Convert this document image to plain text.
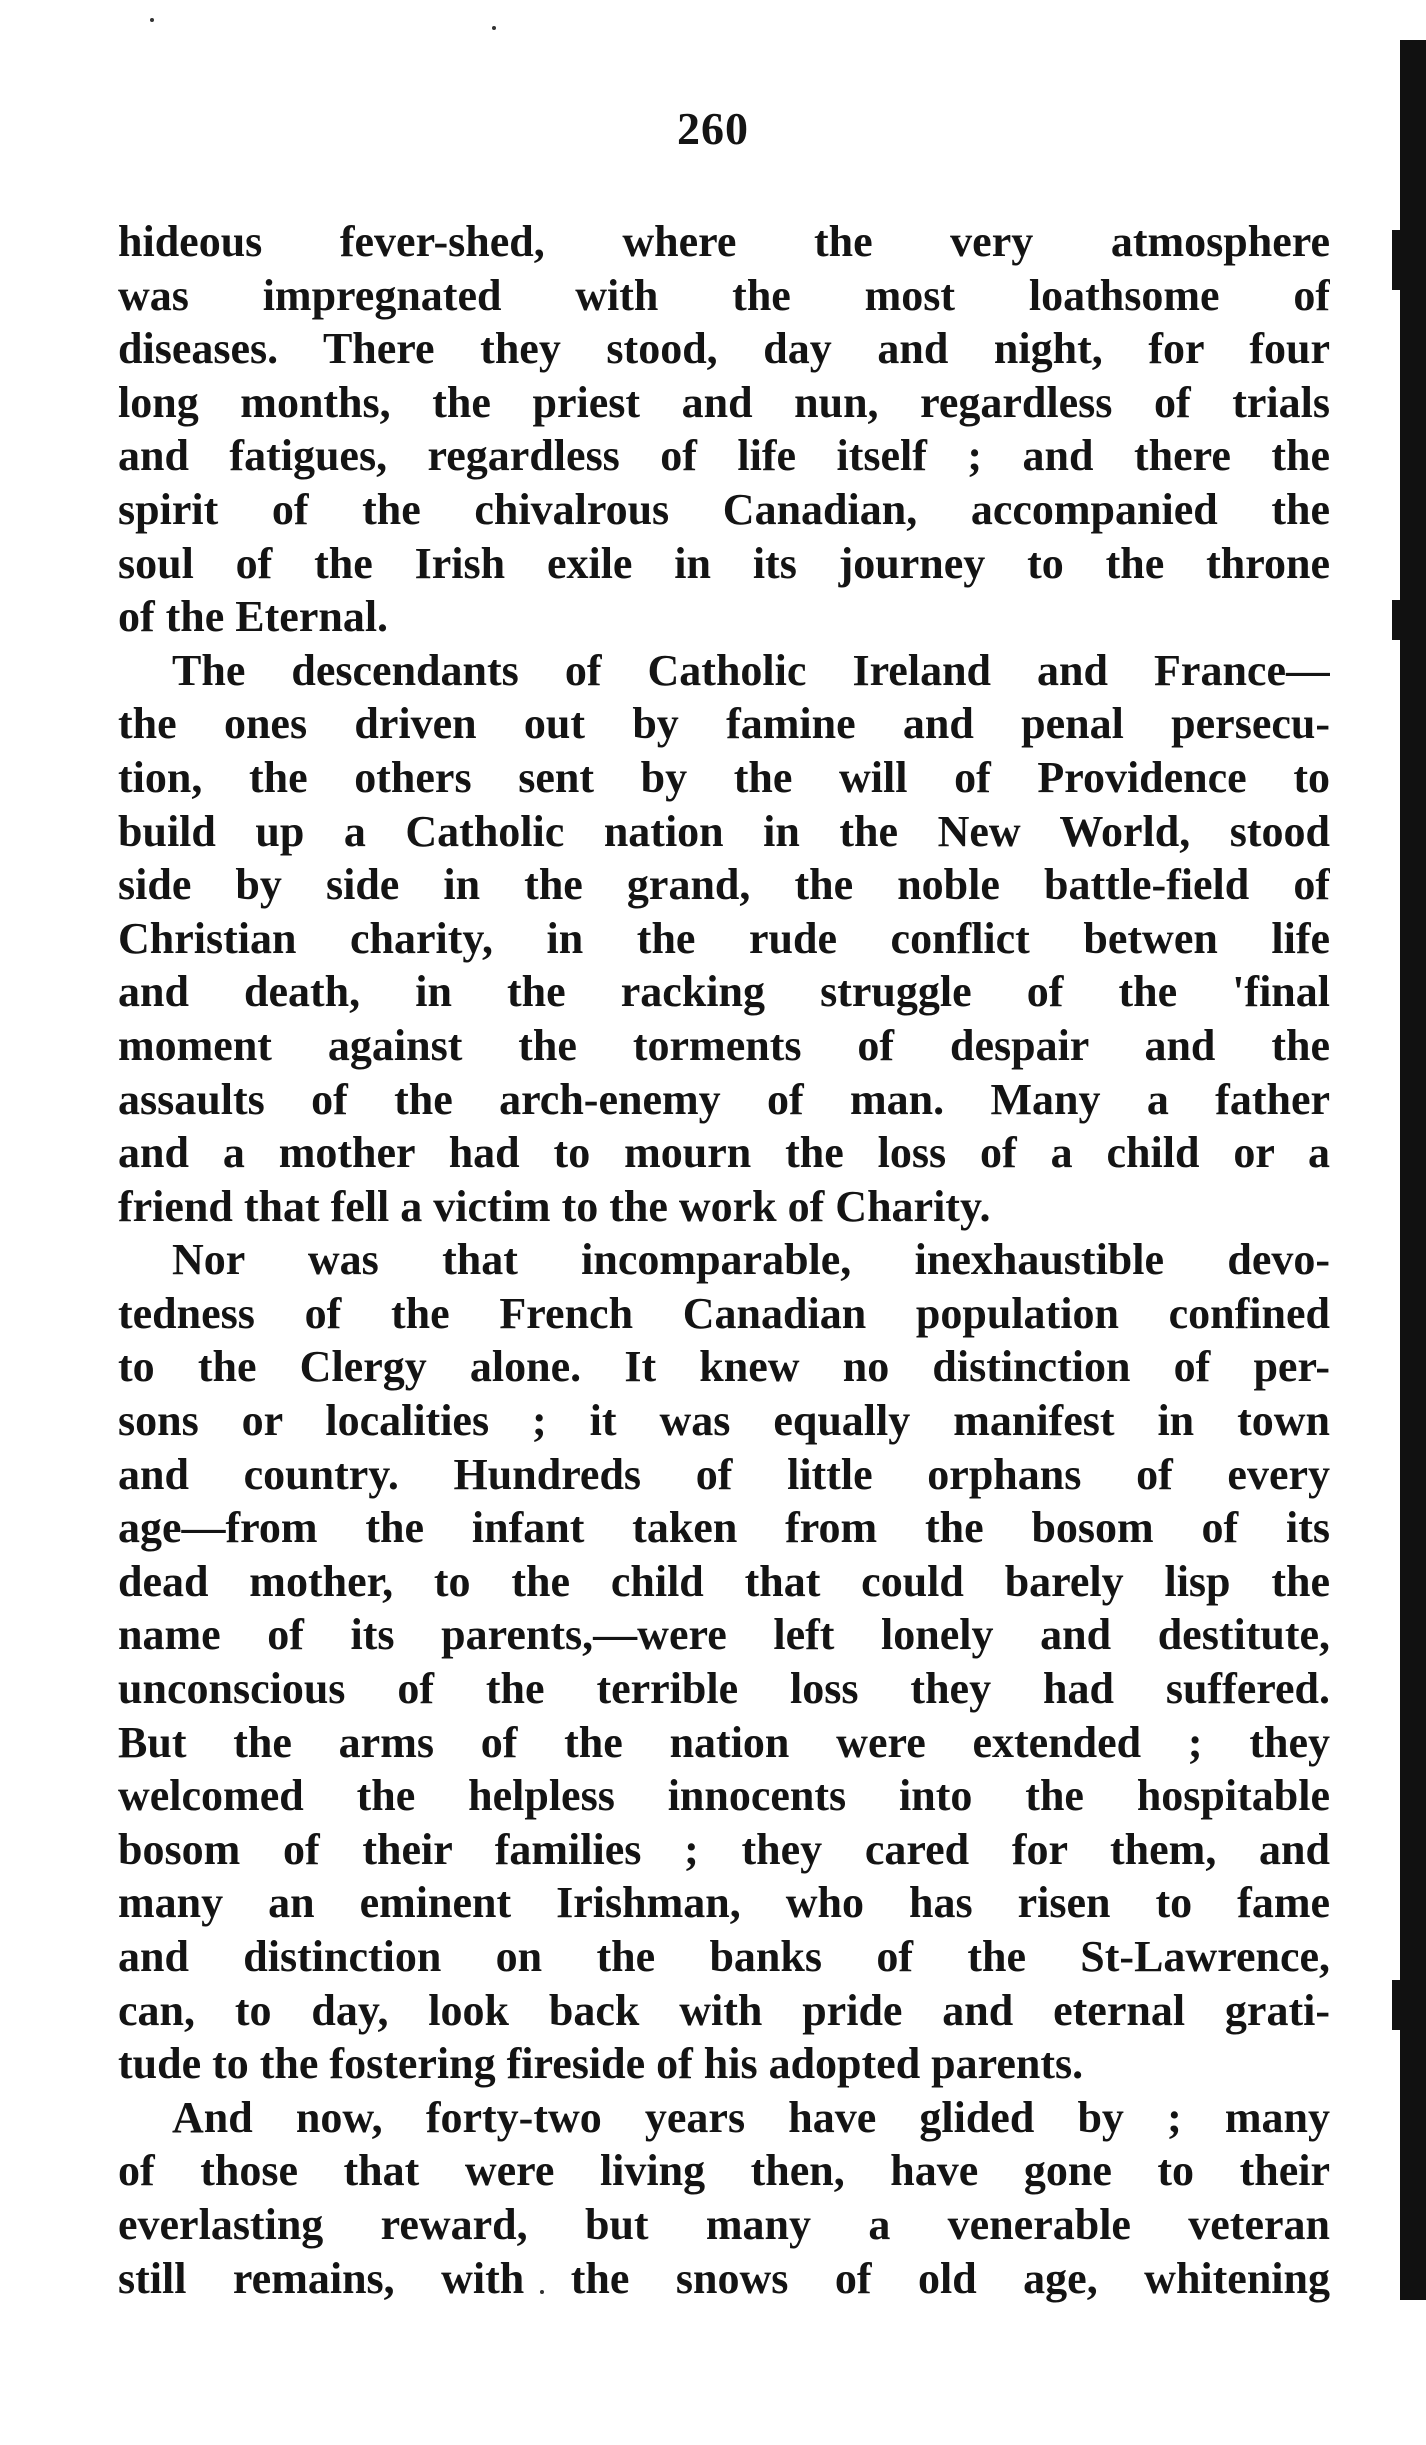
260
hideous fever-shed, where the very atmosphere
was impregnated with the most loathsome of
diseases. There they stood, day and night, for four
long months, the priest and nun, regardless of trials
and fatigues, regardless of life itself ; and there the
spirit of the chivalrous Canadian, accompanied the
soul of the Irish exile in its journey to the throne
of the Eternal.
The descendants of Catholic Ireland and France—
the ones driven out by famine and penal persecu-
tion, the others sent by the will of Providence to
build up a Catholic nation in the New World, stood
side by side in the grand, the noble battle-field of
Christian charity, in the rude conflict betwen life
and death, in the racking struggle of the 'final
moment against the torments of despair and the
assaults of the arch-enemy of man. Many a father
and a mother had to mourn the loss of a child or a
friend that fell a victim to the work of Charity.
Nor was that incomparable, inexhaustible devo-
tedness of the French Canadian population confined
to the Clergy alone. It knew no distinction of per-
sons or localities ; it was equally manifest in town
and country. Hundreds of little orphans of every
age—from the infant taken from the bosom of its
dead mother, to the child that could barely lisp the
name of its parents,—were left lonely and destitute,
unconscious of the terrible loss they had suffered.
But the arms of the nation were extended ; they
welcomed the helpless innocents into the hospitable
bosom of their families ; they cared for them, and
many an eminent Irishman, who has risen to fame
and distinction on the banks of the St-Lawrence,
can, to day, look back with pride and eternal grati-
tude to the fostering fireside of his adopted parents.
And now, forty-two years have glided by ; many
of those that were living then, have gone to their
everlasting reward, but many a venerable veteran
still remains, with the snows of old age, whitening
